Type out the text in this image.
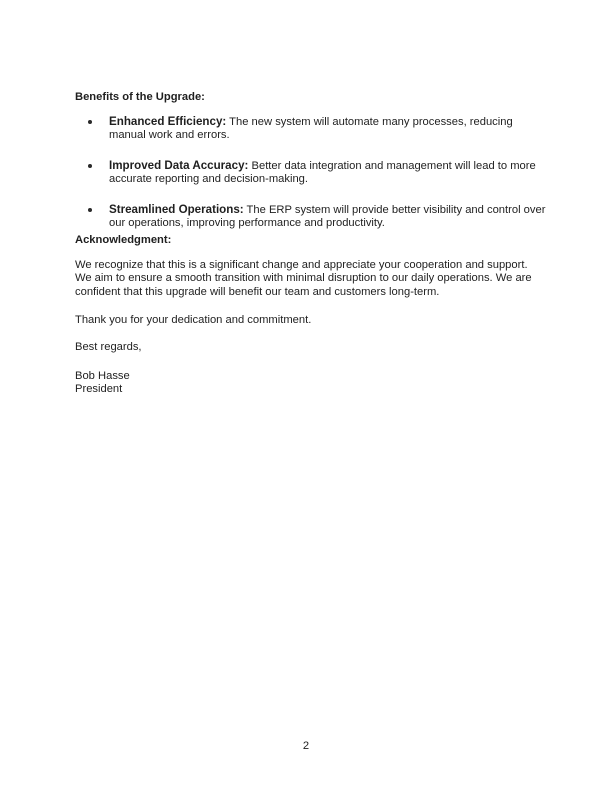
Benefits of the Upgrade:

Enhanced Efficiency: The new system will automate many processes, reducing manual work and errors.
Improved Data Accuracy: Better data integration and management will lead to more accurate reporting and decision-making.
Streamlined Operations: The ERP system will provide better visibility and control over our operations, improving performance and productivity.

Acknowledgment:

We recognize that this is a significant change and appreciate your cooperation and support. We aim to ensure a smooth transition with minimal disruption to our daily operations. We are confident that this upgrade will benefit our team and customers long-term.

Thank you for your dedication and commitment.

Best regards,

Bob Hasse

President

2
